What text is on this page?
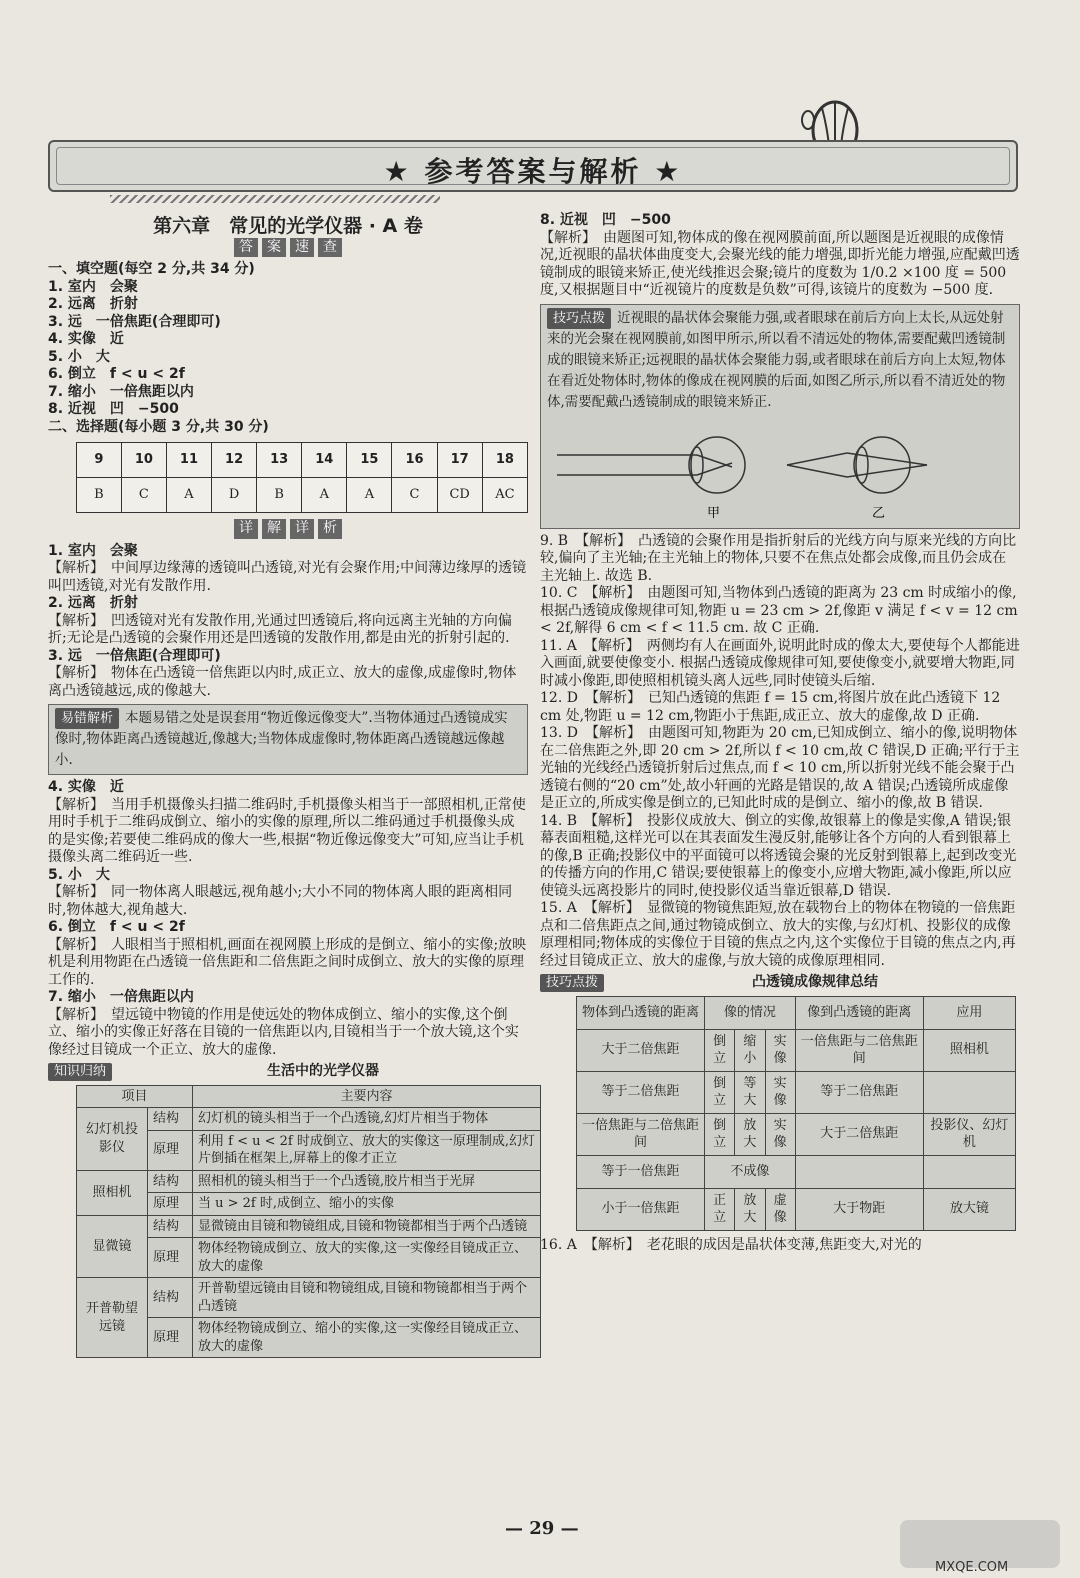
★ 参考答案与解析 ★
第六章　常见的光学仪器 · A 卷
答	案	速	查

一、填空题(每空 2 分,共 34 分)

1. 室内　会聚

2. 远离　折射

3. 远　一倍焦距(合理即可)

4. 实像　近

5. 小　大

6. 倒立　f < u < 2f

7. 缩小　一倍焦距以内

8. 近视　凹　−500

二、选择题(每小题 3 分,共 30 分)

9	10	11	12	13	14	15	16	17	18
B	C	A	D	B	A	A	C	CD	AC
详	解	详	析

1. 室内　会聚

【解析】　中间厚边缘薄的透镜叫凸透镜,对光有会聚作用;中间薄边缘厚的透镜叫凹透镜,对光有发散作用.

2. 远离　折射

【解析】　凹透镜对光有发散作用,光通过凹透镜后,将向远离主光轴的方向偏折;无论是凸透镜的会聚作用还是凹透镜的发散作用,都是由光的折射引起的.

3. 远　一倍焦距(合理即可)

【解析】　物体在凸透镜一倍焦距以内时,成正立、放大的虚像,成虚像时,物体离凸透镜越远,成的像越大.

易错解析 本题易错之处是误套用“物近像远像变大”.当物体通过凸透镜成实像时,物体距离凸透镜越近,像越大;当物体成虚像时,物体距离凸透镜越远像越小.

4. 实像　近

【解析】　当用手机摄像头扫描二维码时,手机摄像头相当于一部照相机,正常使用时手机于二维码成倒立、缩小的实像的原理,所以二维码通过手机摄像头成的是实像;若要使二维码成的像大一些,根据“物近像远像变大”可知,应当让手机摄像头离二维码近一些.

5. 小　大

【解析】　同一物体离人眼越远,视角越小;大小不同的物体离人眼的距离相同时,物体越大,视角越大.

6. 倒立　f < u < 2f

【解析】　人眼相当于照相机,画面在视网膜上形成的是倒立、缩小的实像;放映机是利用物距在凸透镜一倍焦距和二倍焦距之间时成倒立、放大的实像的原理工作的.

7. 缩小　一倍焦距以内

【解析】　望远镜中物镜的作用是使远处的物体成倒立、缩小的实像,这个倒立、缩小的实像正好落在目镜的一倍焦距以内,目镜相当于一个放大镜,这个实像经过目镜成一个正立、放大的虚像.

知识归纳	生活中的光学仪器
项目		主要内容
幻灯机投影仪	结构	幻灯机的镜头相当于一个凸透镜,幻灯片相当于物体
	原理	利用 f < u < 2f 时成倒立、放大的实像这一原理制成,幻灯片倒插在框架上,屏幕上的像才正立
照相机	结构	照相机的镜头相当于一个凸透镜,胶片相当于光屏
	原理	当 u > 2f 时,成倒立、缩小的实像
显微镜	结构	显微镜由目镜和物镜组成,目镜和物镜都相当于两个凸透镜
	原理	物体经物镜成倒立、放大的实像,这一实像经目镜成正立、放大的虚像
开普勒望远镜	结构	开普勒望远镜由目镜和物镜组成,目镜和物镜都相当于两个凸透镜
	原理	物体经物镜成倒立、缩小的实像,这一实像经目镜成正立、放大的虚像

8. 近视　凹　−500

【解析】　由题图可知,物体成的像在视网膜前面,所以题图是近视眼的成像情况,近视眼的晶状体曲度变大,会聚光线的能力增强,即折光能力增强,应配戴凹透镜制成的眼镜来矫正,使光线推迟会聚;镜片的度数为 1/0.2 ×100 度 = 500 度,又根据题目中“近视镜片的度数是负数”可得,该镜片的度数为 −500 度.

技巧点拨 近视眼的晶状体会聚能力强,或者眼球在前后方向上太长,从远处射来的光会聚在视网膜前,如图甲所示,所以看不清远处的物体,需要配戴凹透镜制成的眼镜来矫正;远视眼的晶状体会聚能力弱,或者眼球在前后方向上太短,物体在看近处物体时,物体的像成在视网膜的后面,如图乙所示,所以看不清近处的物体,需要配戴凸透镜制成的眼镜来矫正.
甲	乙

9. B　【解析】　凸透镜的会聚作用是指折射后的光线方向与原来光线的方向比较,偏向了主光轴;在主光轴上的物体,只要不在焦点处都会成像,而且仍会成在主光轴上. 故选 B.

10. C　【解析】　由题图可知,当物体到凸透镜的距离为 23 cm 时成缩小的像,根据凸透镜成像规律可知,物距 u = 23 cm > 2f,像距 v 满足 f < v = 12 cm < 2f,解得 6 cm < f < 11.5 cm. 故 C 正确.

11. A　【解析】　两侧均有人在画面外,说明此时成的像太大,要使每个人都能进入画面,就要使像变小. 根据凸透镜成像规律可知,要使像变小,就要增大物距,同时减小像距,即使照相机镜头离人远些,同时使镜头后缩.

12. D　【解析】　已知凸透镜的焦距 f = 15 cm,将图片放在此凸透镜下 12 cm 处,物距 u = 12 cm,物距小于焦距,成正立、放大的虚像,故 D 正确.

13. D　【解析】　由题图可知,物距为 20 cm,已知成倒立、缩小的像,说明物体在二倍焦距之外,即 20 cm > 2f,所以 f < 10 cm,故 C 错误,D 正确;平行于主光轴的光线经凸透镜折射后过焦点,而 f < 10 cm,所以折射光线不能会聚于凸透镜右侧的“20 cm”处,故小轩画的光路是错误的,故 A 错误;凸透镜所成虚像是正立的,所成实像是倒立的,已知此时成的是倒立、缩小的像,故 B 错误.

14. B　【解析】　投影仪成放大、倒立的实像,故银幕上的像是实像,A 错误;银幕表面粗糙,这样光可以在其表面发生漫反射,能够让各个方向的人看到银幕上的像,B 正确;投影仪中的平面镜可以将透镜会聚的光反射到银幕上,起到改变光的传播方向的作用,C 错误;要使银幕上的像变小,应增大物距,减小像距,所以应使镜头远离投影片的同时,使投影仪适当靠近银幕,D 错误.

15. A　【解析】　显微镜的物镜焦距短,放在载物台上的物体在物镜的一倍焦距点和二倍焦距点之间,通过物镜成倒立、放大的实像,与幻灯机、投影仪的成像原理相同;物体成的实像位于目镜的焦点之内,这个实像位于目镜的焦点之内,再经过目镜成正立、放大的虚像,与放大镜的成像原理相同.

技巧点拨	凸透镜成像规律总结
物体到凸透镜的距离	像的情况			像到凸透镜的距离	应用
大于二倍焦距	倒立	缩小	实像	一倍焦距与二倍焦距间	照相机
等于二倍焦距	倒立	等大	实像	等于二倍焦距	
一倍焦距与二倍焦距间	倒立	放大	实像	大于二倍焦距	投影仪、幻灯机
等于一倍焦距	不成像				
小于一倍焦距	正立	放大	虚像	大于物距	放大镜

16. A　【解析】　老花眼的成因是晶状体变薄,焦距变大,对光的

— 29 —
MXQE.COM
